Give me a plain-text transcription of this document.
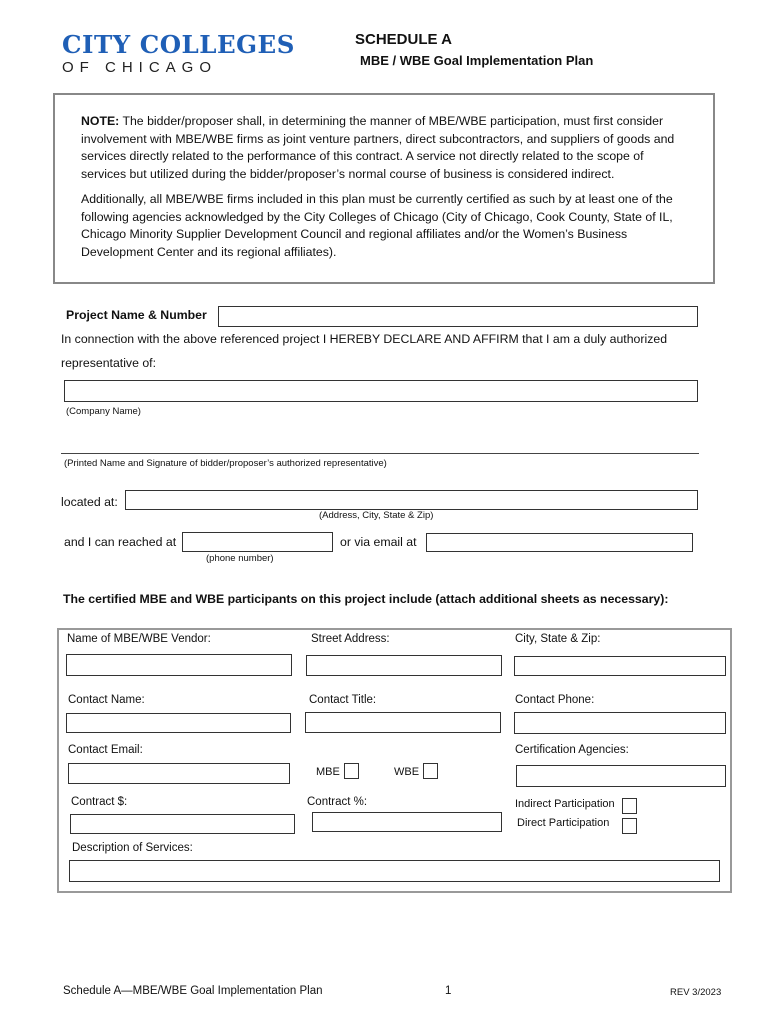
CITY COLLEGES
OF CHICAGO
SCHEDULE A
MBE / WBE Goal Implementation Plan

NOTE: The bidder/proposer shall, in determining the manner of MBE/WBE participation, must first consider involvement with MBE/WBE firms as joint venture partners, direct subcontractors, and suppliers of goods and services directly related to the performance of this contract. A service not directly related to the scope of services but utilized during the bidder/proposer’s normal course of business is considered indirect.

Additionally, all MBE/WBE firms included in this plan must be currently certified as such by at least one of the following agencies acknowledged by the City Colleges of Chicago (City of Chicago, Cook County, State of IL, Chicago Minority Supplier Development Council and regional affiliates and/or the Women’s Business Development Center and its regional affiliates).

Project Name & Number
In connection with the above referenced project I HEREBY DECLARE AND AFFIRM that I am a duly authorized
representative of:
(Company Name)
(Printed Name and Signature of bidder/proposer’s authorized representative)
located at:
(Address, City, State & Zip)
and I can reached at	or via email at
(phone number)
The certified MBE and WBE participants on this project include (attach additional sheets as necessary):
Name of MBE/WBE Vendor:	Street Address:	City, State & Zip:
Contact Name:	Contact Title:	Contact Phone:
Contact Email:	Certification Agencies:
MBE	WBE
Contract $:	Contract %:	Indirect Participation
Direct Participation
Description of Services:
Schedule A—MBE/WBE Goal Implementation Plan	1	REV 3/2023
